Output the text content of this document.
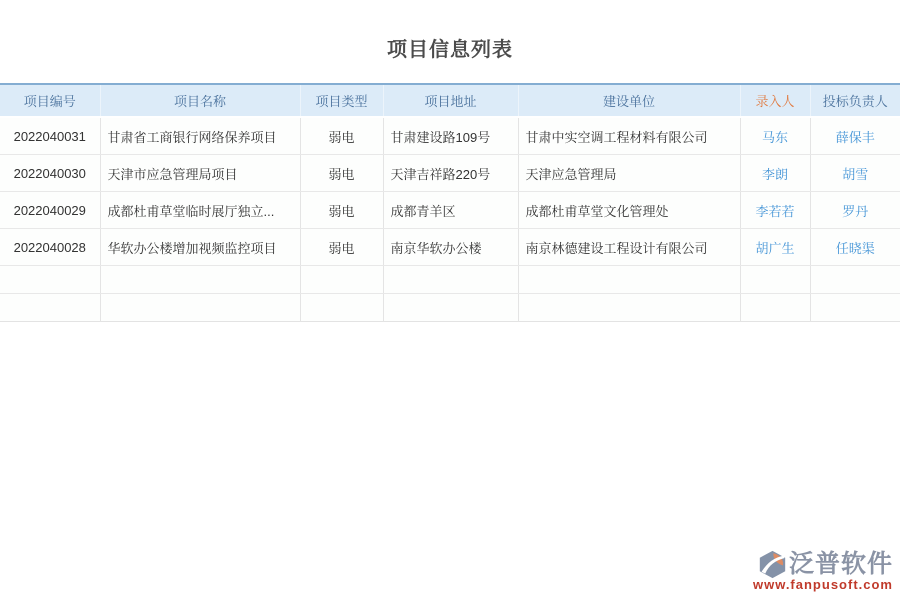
项目信息列表
项目编号	项目名称	项目类型	项目地址	建设单位	录入人	投标负责人
2022040031	甘肃省工商银行网络保养项目	弱电	甘肃建设路109号	甘肃中实空调工程材料有限公司	马东	薛保丰
2022040030	天津市应急管理局项目	弱电	天津吉祥路220号	天津应急管理局	李朗	胡雪
2022040029	成都杜甫草堂临时展厅独立...	弱电	成都青羊区	成都杜甫草堂文化管理处	李若若	罗丹
2022040028	华软办公楼增加视频监控项目	弱电	南京华软办公楼	南京林德建设工程设计有限公司	胡广生	任晓渠

泛普软件
www.fanpusoft.com
